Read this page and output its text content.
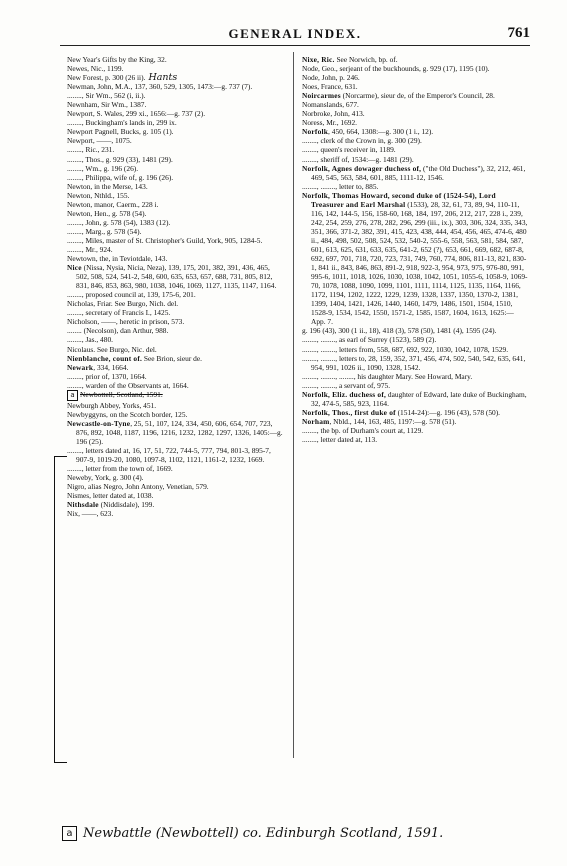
GENERAL INDEX.	761
New Year's Gifts by the King, 32.
Newes, Nic., 1199.
New Forest, p. 300 (26 ii). Hants
Newman, John, M.A., 137, 360, 529, 1305, 1473:—g. 737 (7).
........, Sir Wm., 562 (i, ii.).
Newnham, Sir Wm., 1387.
Newport, S. Wales, 299 xi., 1656:—g. 737 (2).
........, Buckingham's lands in, 299 ix.
Newport Pagnell, Bucks, g. 105 (1).
Newport, ——, 1075.
........, Ric., 231.
........, Thos., g. 929 (33), 1481 (29).
........, Wm., g. 196 (26).
........, Philippa, wife of, g. 196 (26).
Newton, in the Merse, 143.
Newton, Nthld., 155.
Newton, manor, Caerm., 228 i.
Newton, Hen., g. 578 (54).
........, John, g. 578 (54), 1383 (12).
........, Marg., g. 578 (54).
........, Miles, master of St. Christopher's Guild, York, 905, 1284-5.
........, Mr., 924.
Newtown, the, in Teviotdale, 143.
Nice (Nissa, Nysia, Nicia, Neza), 139, 175, 201, 382, 391, 436, 465, 502, 508, 524, 541-2, 548, 600, 635, 653, 657, 688, 731, 805, 812, 831, 846, 853, 863, 980, 1038, 1046, 1069, 1127, 1135, 1147, 1164.
........, proposed council at, 139, 175-6, 201.
Nicholas, Friar. See Burgo, Nich. del.
........, secretary of Francis I., 1425.
Nicholson, ——, heretic in prison, 573.
........ (Necolson), dan Arthur, 988.
........, Jas., 480.
Nicolaus. See Burgo, Nic. del.
Nienblanche, count of. See Brion, sieur de.
Newark, 334, 1664.
........, prior of, 1370, 1664.
........, warden of the Observants at, 1664.
a Newbottell, Scotland, 1591.
Newburgh Abbey, Yorks, 451.
Newbyggyns, on the Scotch border, 125.
Newcastle-on-Tyne, 25, 51, 107, 124, 334, 450, 606, 654, 707, 723, 876, 892, 1048, 1187, 1196, 1216, 1232, 1282, 1297, 1326, 1405:—g. 196 (25).
........, letters dated at, 16, 17, 51, 722, 744-5, 777, 794, 801-3, 895-7, 907-9, 1019-20, 1080, 1097-8, 1102, 1121, 1161-2, 1232, 1669.
........, letter from the town of, 1669.
Neweby, York, g. 300 (4).
Nigro, alias Negro, John Antony, Venetian, 579.
Nismes, letter dated at, 1038.
Nithsdale (Niddisdale), 199.
Nix, ——, 623.
Nixe, Ric. See Norwich, bp. of.
Node, Geo., serjeant of the buckhounds, g. 929 (17), 1195 (10).
Node, John, p. 246.
Noes, France, 631.
Noircarmes (Norcarme), sieur de, of the Emperor's Council, 28.
Nomanslands, 677.
Norbroke, John, 413.
Noress, Mr., 1692.
Norfolk, 450, 664, 1308:—g. 300 (1 i., 12).
........, clerk of the Crown in, g. 300 (29).
........, queen's receiver in, 1189.
........, sheriff of, 1534:—g. 1481 (29).
Norfolk, Agnes dowager duchess of, ("the Old Duchess"), 32, 212, 461, 469, 545, 563, 584, 601, 885, 1111-12, 1546.
........, ........, letter to, 885.
Norfolk, Thomas Howard, second duke of (1524-54), Lord Treasurer and Earl Marshal (1533), 28, 32, 61, 73, 89, 94, 110-11, 116, 142, 144-5, 156, 158-60, 168, 184, 197, 206, 212, 217, 228 i., 239, 242, 254, 259, 276, 278, 282, 296, 299 (iii., ix.), 303, 306, 324, 335, 343, 351, 366, 371-2, 382, 391, 415, 423, 438, 444, 454, 456, 465, 474-6, 480 ii., 484, 498, 502, 508, 524, 532, 540-2, 555-6, 558, 563, 581, 584, 587, 601, 613, 625, 631, 633, 635, 641-2, 652 (?), 653, 661, 669, 682, 687-8, 692, 697, 701, 718, 720, 723, 731, 749, 760, 774, 806, 811-13, 821, 830-1, 841 ii., 843, 846, 863, 891-2, 918, 922-3, 954, 973, 975, 976-80, 991, 995-6, 1011, 1018, 1026, 1030, 1038, 1042, 1051, 1055-6, 1058-9, 1069-70, 1078, 1088, 1090, 1099, 1101, 1111, 1114, 1125, 1135, 1164, 1166, 1172, 1194, 1202, 1222, 1229, 1239, 1328, 1337, 1350, 1370-2, 1381, 1399, 1404, 1421, 1426, 1440, 1460, 1479, 1486, 1501, 1504, 1510, 1528-9, 1534, 1542, 1550, 1571-2, 1585, 1587, 1604, 1613, 1625:—App. 7.
g. 196 (43), 300 (1 ii., 18), 418 (3), 578 (50), 1481 (4), 1595 (24).
........, ........, as earl of Surrey (1523), 589 (2).
........, ........, letters from, 558, 687, 692, 922, 1030, 1042, 1078, 1529.
........, ........, letters to, 28, 159, 352, 371, 456, 474, 502, 540, 542, 635, 641, 954, 991, 1026 ii., 1090, 1328, 1542.
........, ........, ........, his daughter Mary. See Howard, Mary.
........, ........, a servant of, 975.
Norfolk, Eliz. duchess of, daughter of Edward, late duke of Buckingham, 32, 474-5, 585, 923, 1164.
Norfolk, Thos., first duke of (1514-24):—g. 196 (43), 578 (50).
Norham, Nbld., 144, 163, 485, 1197:—g. 578 (51).
........, the bp. of Durham's court at, 1129.
........, letter dated at, 113.
a Newbattle (Newbottell) co. Edinburgh Scotland, 1591.
